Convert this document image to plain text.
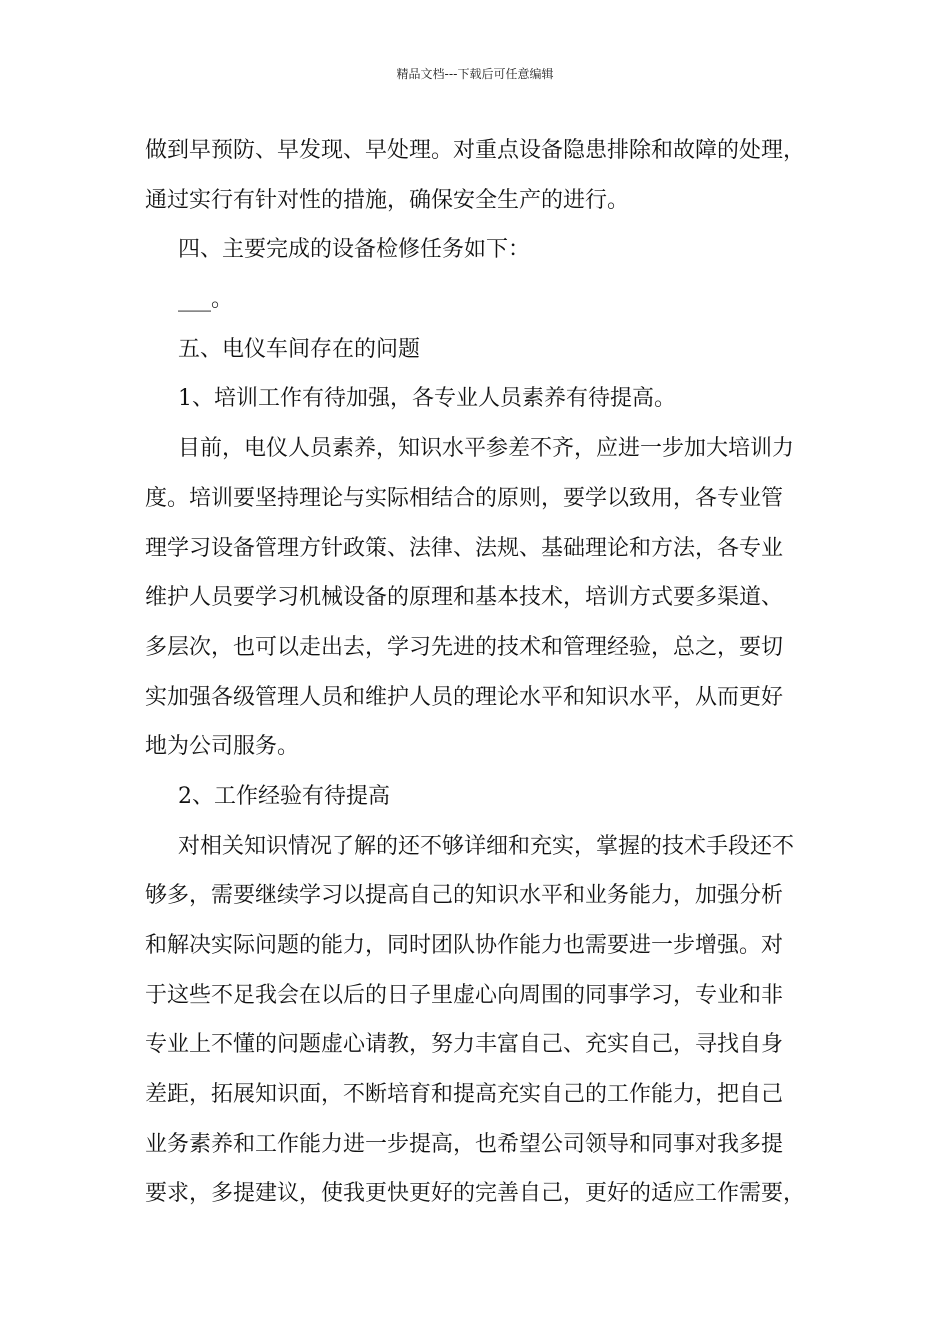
精品文档---下载后可任意编辑
做到早预防、早发现、早处理。对重点设备隐患排除和故障的处理，
通过实行有针对性的措施，确保安全生产的进行。
四、主要完成的设备检修任务如下：
___。
五、电仪车间存在的问题
1、培训工作有待加强，各专业人员素养有待提高。
目前，电仪人员素养，知识水平参差不齐，应进一步加大培训力
度。培训要坚持理论与实际相结合的原则，要学以致用，各专业管
理学习设备管理方针政策、法律、法规、基础理论和方法，各专业
维护人员要学习机械设备的原理和基本技术，培训方式要多渠道、
多层次，也可以走出去，学习先进的技术和管理经验，总之，要切
实加强各级管理人员和维护人员的理论水平和知识水平，从而更好
地为公司服务。
2、工作经验有待提高
对相关知识情况了解的还不够详细和充实，掌握的技术手段还不
够多，需要继续学习以提高自己的知识水平和业务能力，加强分析
和解决实际问题的能力，同时团队协作能力也需要进一步增强。对
于这些不足我会在以后的日子里虚心向周围的同事学习，专业和非
专业上不懂的问题虚心请教，努力丰富自己、充实自己，寻找自身
差距，拓展知识面，不断培育和提高充实自己的工作能力，把自己
业务素养和工作能力进一步提高，也希望公司领导和同事对我多提
要求，多提建议，使我更快更好的完善自己，更好的适应工作需要，
